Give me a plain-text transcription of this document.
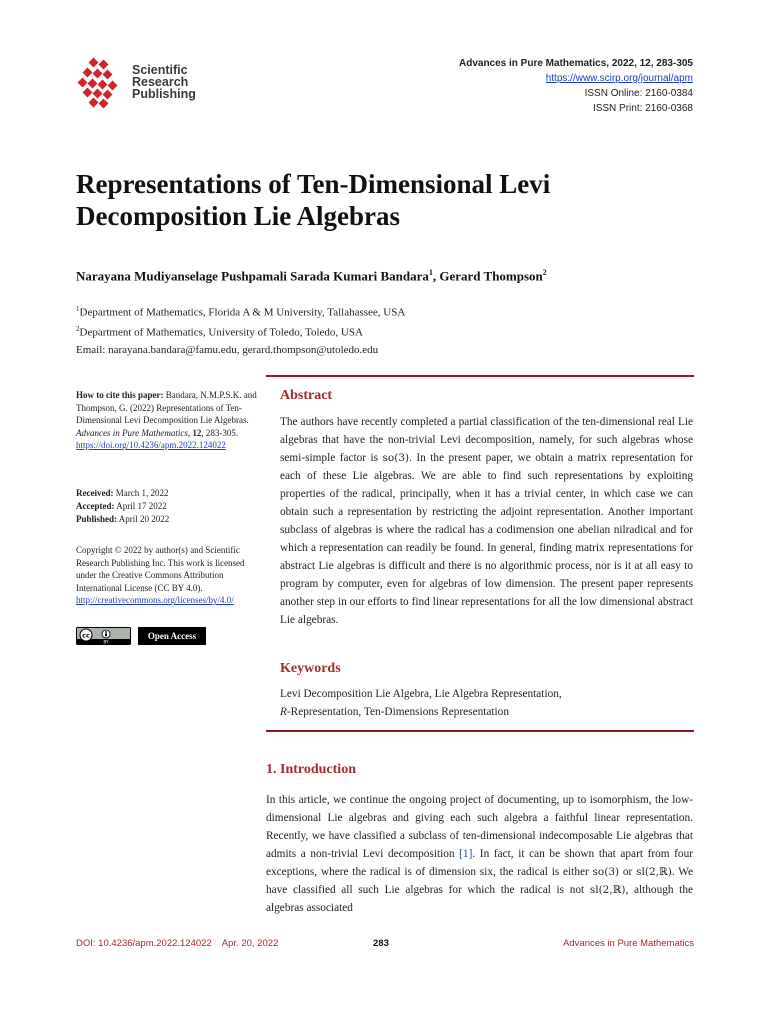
Scientific
Research
Publishing
Advances in Pure Mathematics, 2022, 12, 283-305
https://www.scirp.org/journal/apm
ISSN Online: 2160-0384
ISSN Print: 2160-0368
Representations of Ten-Dimensional Levi
Decomposition Lie Algebras
Narayana Mudiyanselage Pushpamali Sarada Kumari Bandara$^1$, Gerard Thompson$^2$
$^1$Department of Mathematics, Florida A & M University, Tallahassee, USA
$^2$Department of Mathematics, University of Toledo, Toledo, USA
Email: narayana.bandara@famu.edu, gerard.thompson@utoledo.edu
How to cite this paper: Bandara, N.M.P.S.K. and Thompson, G. (2022) Representations of Ten-Dimensional Levi Decomposition Lie Algebras. Advances in Pure Mathematics, 12, 283-305.
https://doi.org/10.4236/apm.2022.124022
Received: March 1, 2022
Accepted: April 17 2022
Published: April 20 2022
Copyright © 2022 by author(s) and Scientific Research Publishing Inc. This work is licensed under the Creative Commons Attribution International License (CC BY 4.0).
http://creativecommons.org/licenses/by/4.0/
cc
BY
Open Access
Abstract
The authors have recently completed a partial classification of the ten-dimensional real Lie algebras that have the non-trivial Levi decomposition, namely, for such algebras whose semi-simple factor is so(3). In the present paper, we obtain a matrix representation for each of these Lie algebras. We are able to find such representations by exploiting properties of the radical, principally, when it has a trivial center, in which case we can obtain such a representation by restricting the adjoint representation. Another important subclass of algebras is where the radical has a codimension one abelian nilradical and for which a representation can readily be found. In general, finding matrix representations for abstract Lie algebras is difficult and there is no algorithmic process, nor is it at all easy to program by computer, even for algebras of low dimension. The present paper represents another step in our efforts to find linear representations for all the low dimensional abstract Lie algebras.
Keywords
Levi Decomposition Lie Algebra, Lie Algebra Representation,
R-Representation, Ten-Dimensions Representation
1. Introduction
In this article, we continue the ongoing project of documenting, up to isomorphism, the low-dimensional Lie algebras and giving each such algebra a faithful linear representation. Recently, we have classified a subclass of ten-dimensional indecomposable Lie algebras that admits a non-trivial Levi decomposition [1]. In fact, it can be shown that apart from four exceptions, where the radical is of dimension six, the radical is either so(3) or sl(2,ℝ). We have classified all such Lie algebras for which the radical is not sl(2,ℝ), although the algebras associated
DOI: 10.4236/apm.2022.124022    Apr. 20, 2022	283	Advances in Pure Mathematics
